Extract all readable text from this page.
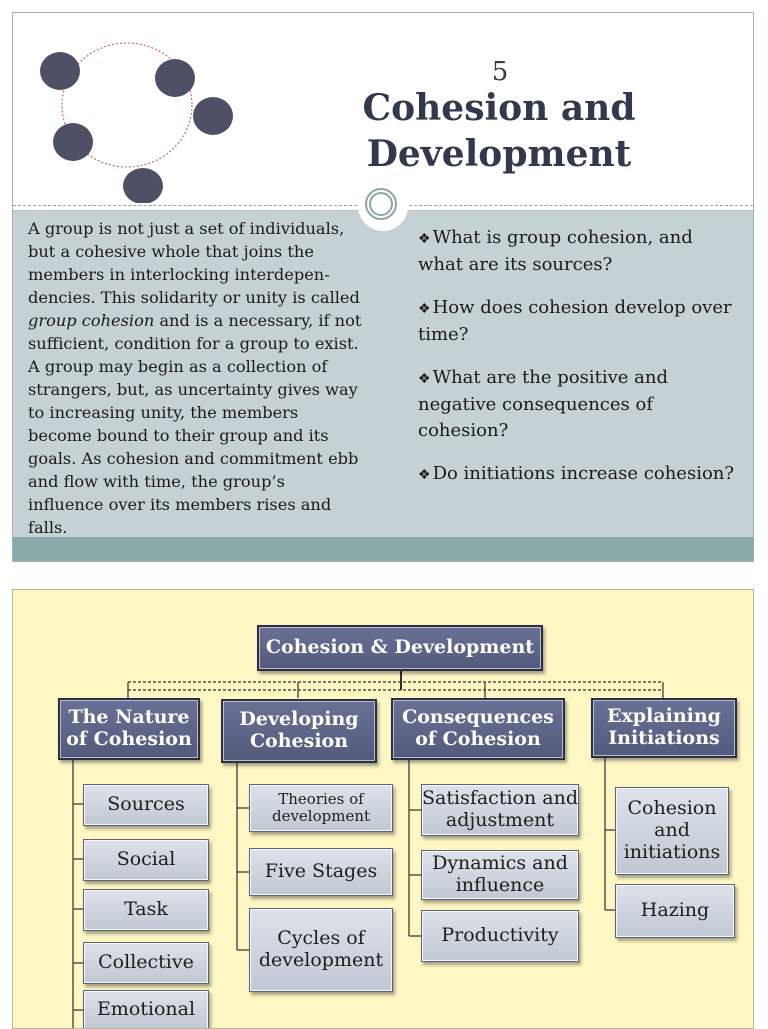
5
Cohesion and
Development
A group is not just a set of individuals, but a cohesive whole that joins the members in interlocking interdependencies. This solidarity or unity is called group cohesion and is a necessary, if not sufficient, condition for a group to exist. A group may begin as a collection of strangers, but, as uncertainty gives way to increasing unity, the members become bound to their group and its goals. As cohesion and commitment ebb and flow with time, the group’s influence over its members rises and falls.
❖ What is group cohesion, and what are its sources?
❖ How does cohesion develop over time?
❖ What are the positive and negative consequences of cohesion?
❖ Do initiations increase cohesion?
Cohesion & Development
The Nature of Cohesion
Developing Cohesion
Consequences of Cohesion
Explaining Initiations
Sources
Social
Task
Collective
Emotional
Theories of development
Five Stages
Cycles of development
Satisfaction and adjustment
Dynamics and influence
Productivity
Cohesion and initiations
Hazing
